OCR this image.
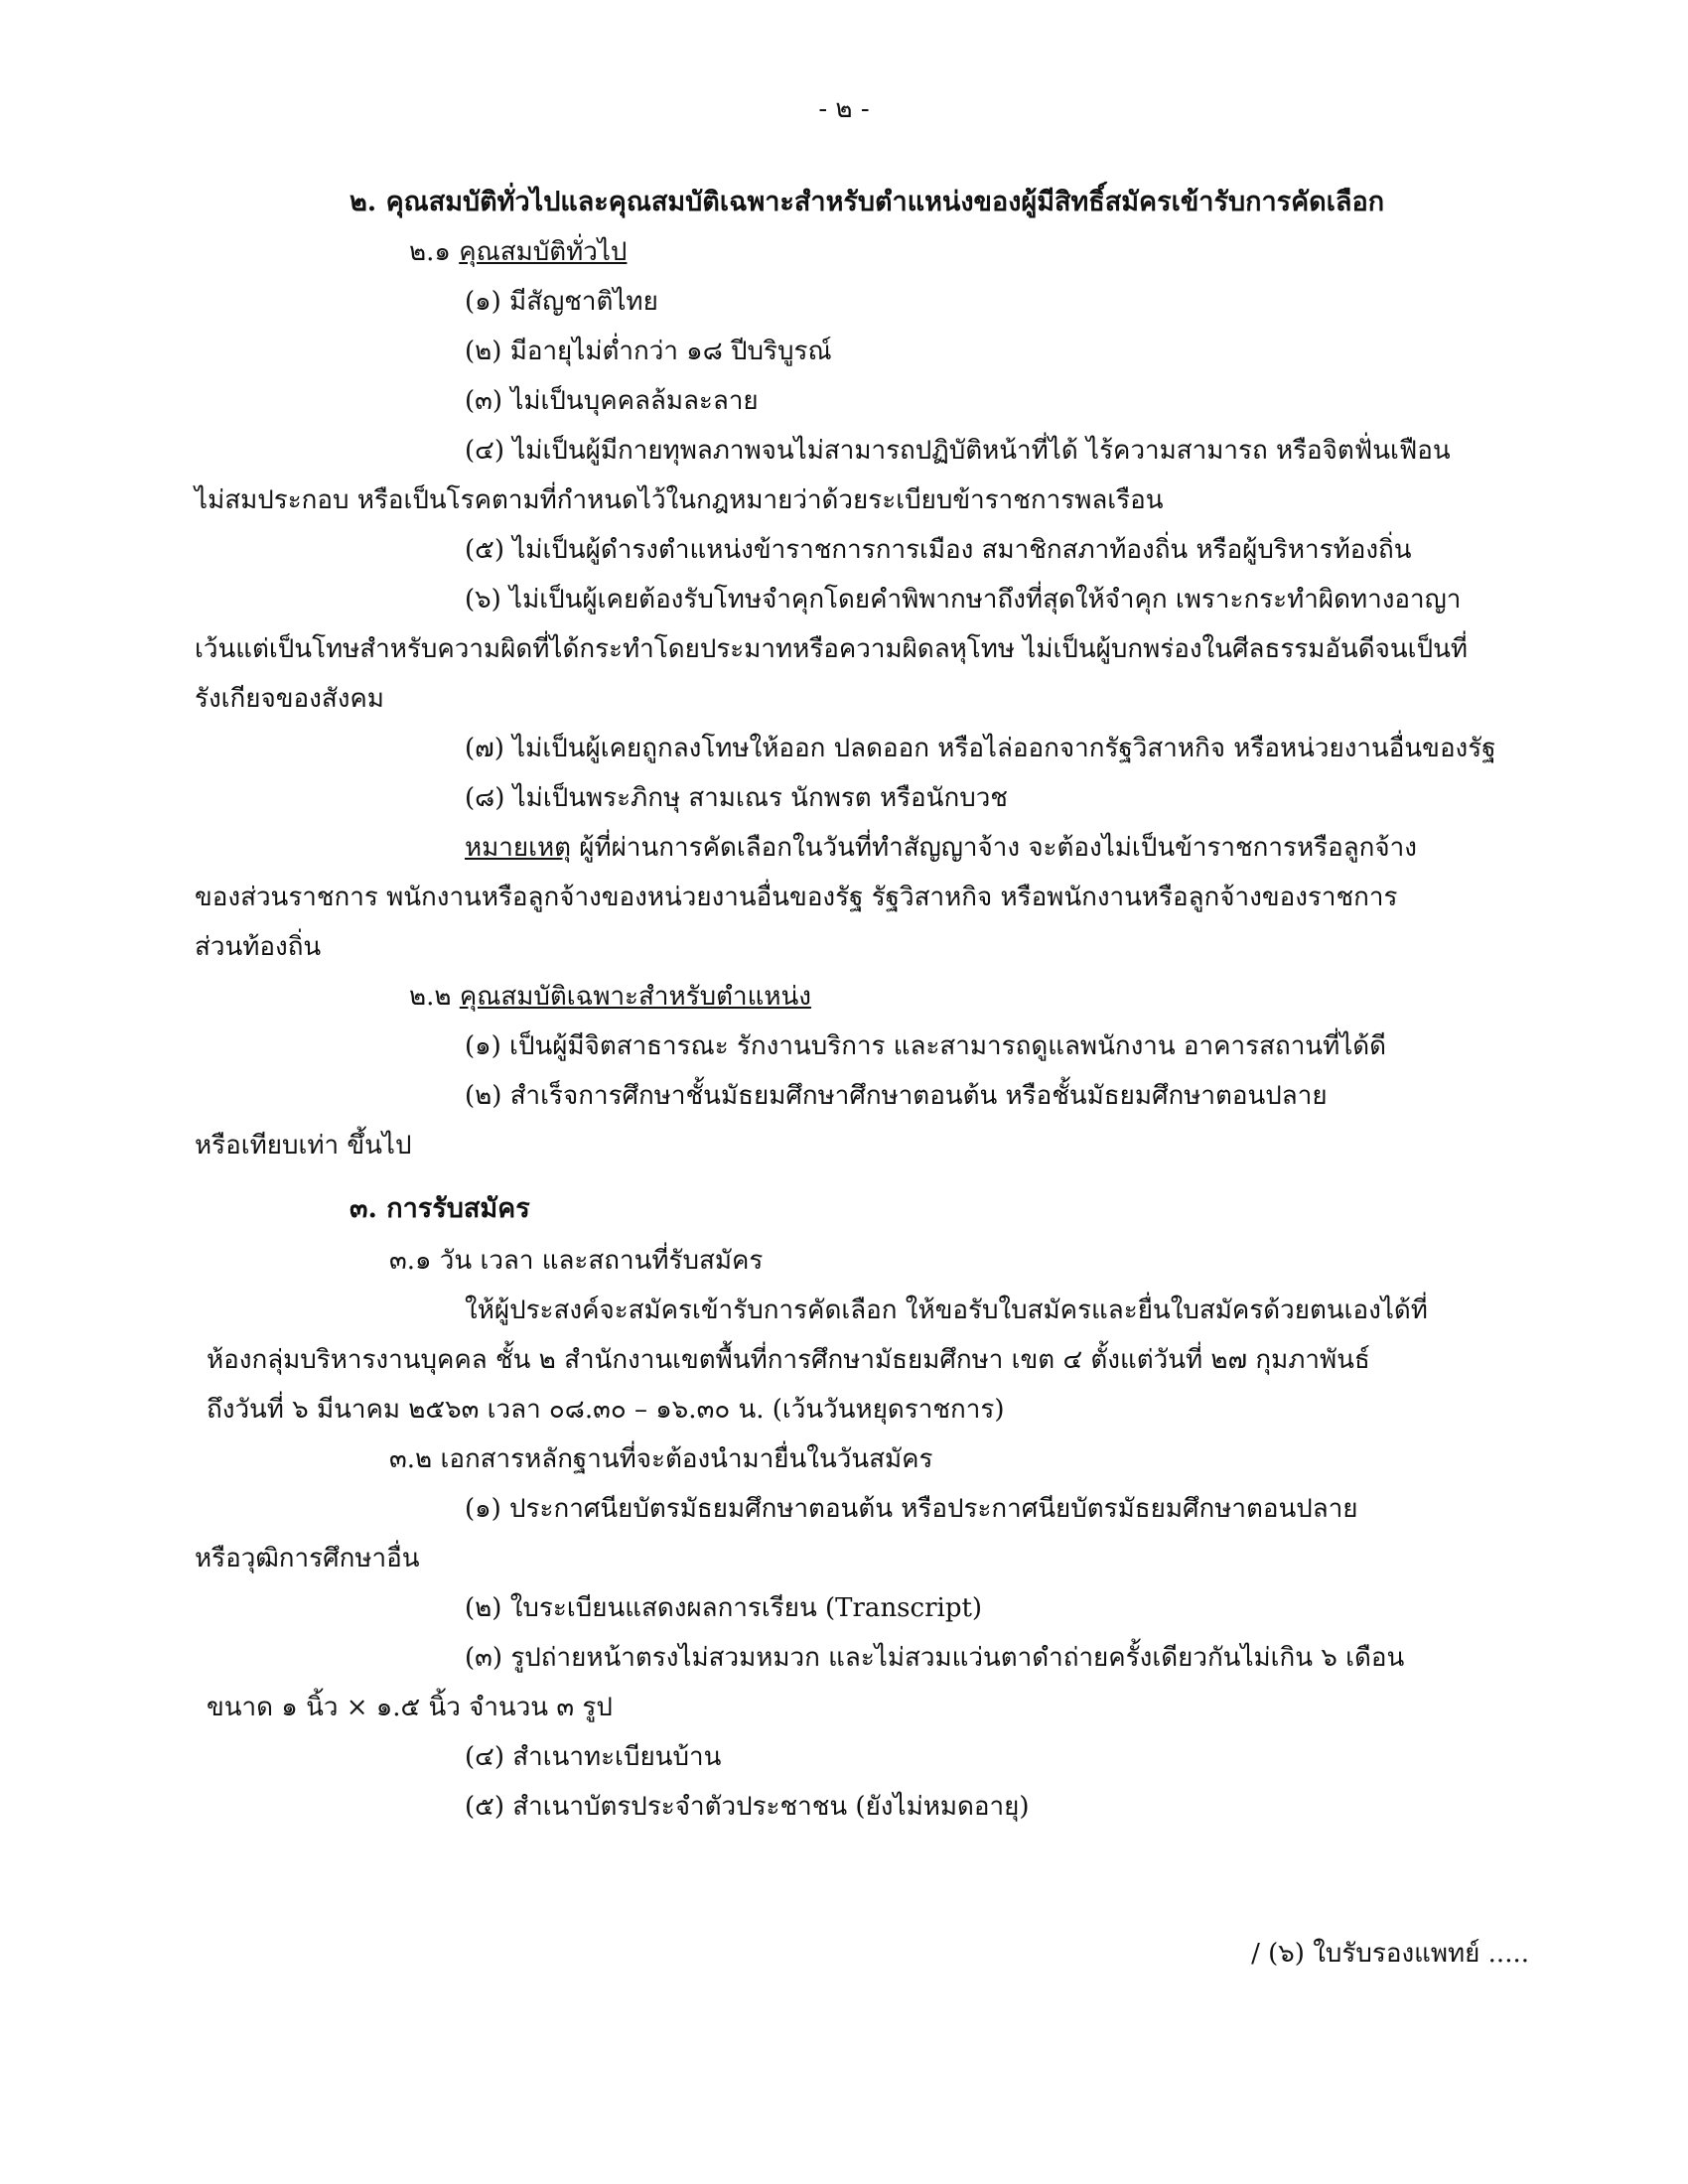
- ๒ -
๒. คุณสมบัติทั่วไปและคุณสมบัติเฉพาะสำหรับตำแหน่งของผู้มีสิทธิ์สมัครเข้ารับการคัดเลือก
๒.๑ คุณสมบัติทั่วไป
(๑) มีสัญชาติไทย
(๒) มีอายุไม่ต่ำกว่า ๑๘ ปีบริบูรณ์
(๓) ไม่เป็นบุคคลล้มละลาย
(๔) ไม่เป็นผู้มีกายทุพลภาพจนไม่สามารถปฏิบัติหน้าที่ได้ ไร้ความสามารถ หรือจิตฟั่นเฟือน
ไม่สมประกอบ หรือเป็นโรคตามที่กำหนดไว้ในกฎหมายว่าด้วยระเบียบข้าราชการพลเรือน
(๕) ไม่เป็นผู้ดำรงตำแหน่งข้าราชการการเมือง สมาชิกสภาท้องถิ่น หรือผู้บริหารท้องถิ่น
(๖) ไม่เป็นผู้เคยต้องรับโทษจำคุกโดยคำพิพากษาถึงที่สุดให้จำคุก เพราะกระทำผิดทางอาญา
เว้นแต่เป็นโทษสำหรับความผิดที่ได้กระทำโดยประมาทหรือความผิดลหุโทษ ไม่เป็นผู้บกพร่องในศีลธรรมอันดีจนเป็นที่
รังเกียจของสังคม
(๗) ไม่เป็นผู้เคยถูกลงโทษให้ออก ปลดออก หรือไล่ออกจากรัฐวิสาหกิจ หรือหน่วยงานอื่นของรัฐ
(๘) ไม่เป็นพระภิกษุ สามเณร นักพรต หรือนักบวช
หมายเหตุ ผู้ที่ผ่านการคัดเลือกในวันที่ทำสัญญาจ้าง จะต้องไม่เป็นข้าราชการหรือลูกจ้าง
ของส่วนราชการ พนักงานหรือลูกจ้างของหน่วยงานอื่นของรัฐ รัฐวิสาหกิจ หรือพนักงานหรือลูกจ้างของราชการ
ส่วนท้องถิ่น
๒.๒ คุณสมบัติเฉพาะสำหรับตำแหน่ง
(๑) เป็นผู้มีจิตสาธารณะ รักงานบริการ และสามารถดูแลพนักงาน อาคารสถานที่ได้ดี
(๒) สำเร็จการศึกษาชั้นมัธยมศึกษาศึกษาตอนต้น หรือชั้นมัธยมศึกษาตอนปลาย
หรือเทียบเท่า ขึ้นไป
๓. การรับสมัคร
๓.๑ วัน เวลา และสถานที่รับสมัคร
ให้ผู้ประสงค์จะสมัครเข้ารับการคัดเลือก ให้ขอรับใบสมัครและยื่นใบสมัครด้วยตนเองได้ที่
ห้องกลุ่มบริหารงานบุคคล ชั้น ๒ สำนักงานเขตพื้นที่การศึกษามัธยมศึกษา เขต ๔ ตั้งแต่วันที่ ๒๗ กุมภาพันธ์
ถึงวันที่ ๖ มีนาคม ๒๕๖๓ เวลา ๐๘.๓๐ – ๑๖.๓๐ น. (เว้นวันหยุดราชการ)
๓.๒ เอกสารหลักฐานที่จะต้องนำมายื่นในวันสมัคร
(๑) ประกาศนียบัตรมัธยมศึกษาตอนต้น หรือประกาศนียบัตรมัธยมศึกษาตอนปลาย
หรือวุฒิการศึกษาอื่น
(๒) ใบระเบียนแสดงผลการเรียน (Transcript)
(๓) รูปถ่ายหน้าตรงไม่สวมหมวก และไม่สวมแว่นตาดำถ่ายครั้งเดียวกันไม่เกิน ๖ เดือน
ขนาด ๑ นิ้ว × ๑.๕ นิ้ว จำนวน ๓ รูป
(๔) สำเนาทะเบียนบ้าน
(๕) สำเนาบัตรประจำตัวประชาชน (ยังไม่หมดอายุ)
/ (๖) ใบรับรองแพทย์ .....
